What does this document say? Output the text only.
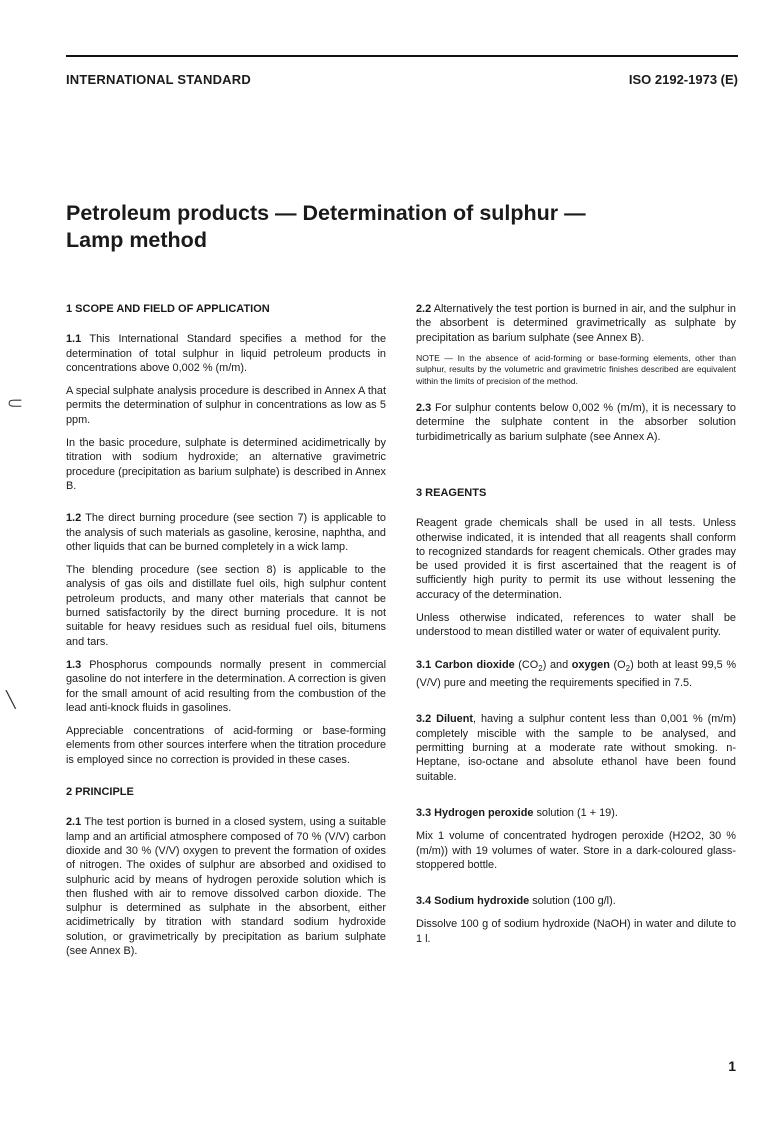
INTERNATIONAL STANDARD	ISO 2192-1973 (E)
Petroleum products — Determination of sulphur —
Lamp method
⸦
╲
1 SCOPE AND FIELD OF APPLICATION

1.1 This International Standard specifies a method for the determination of total sulphur in liquid petroleum products in concentrations above 0,002 % (m/m).

A special sulphate analysis procedure is described in Annex A that permits the determination of sulphur in concentrations as low as 5 ppm.

In the basic procedure, sulphate is determined acidimetrically by titration with sodium hydroxide; an alternative gravimetric procedure (precipitation as barium sulphate) is described in Annex B.

1.2 The direct burning procedure (see section 7) is applicable to the analysis of such materials as gasoline, kerosine, naphtha, and other liquids that can be burned completely in a wick lamp.

The blending procedure (see section 8) is applicable to the analysis of gas oils and distillate fuel oils, high sulphur content petroleum products, and many other materials that cannot be burned satisfactorily by the direct burning procedure. It is not suitable for heavy residues such as residual fuel oils, bitumens and tars.

1.3 Phosphorus compounds normally present in commercial gasoline do not interfere in the determination. A correction is given for the small amount of acid resulting from the combustion of the lead anti-knock fluids in gasolines.

Appreciable concentrations of acid-forming or base-forming elements from other sources interfere when the titration procedure is employed since no correction is provided in these cases.

2 PRINCIPLE

2.1 The test portion is burned in a closed system, using a suitable lamp and an artificial atmosphere composed of 70 % (V/V) carbon dioxide and 30 % (V/V) oxygen to prevent the formation of oxides of nitrogen. The oxides of sulphur are absorbed and oxidised to sulphuric acid by means of hydrogen peroxide solution which is then flushed with air to remove dissolved carbon dioxide. The sulphur is determined as sulphate in the absorbent, either acidimetrically by titration with standard sodium hydroxide solution, or gravimetrically by precipitation as barium sulphate (see Annex B).

2.2 Alternatively the test portion is burned in air, and the sulphur in the absorbent is determined gravimetrically as sulphate by precipitation as barium sulphate (see Annex B).

NOTE — In the absence of acid-forming or base-forming elements, other than sulphur, results by the volumetric and gravimetric finishes described are equivalent within the limits of precision of the method.

2.3 For sulphur contents below 0,002 % (m/m), it is necessary to determine the sulphate content in the absorber solution turbidimetrically as barium sulphate (see Annex A).

3 REAGENTS

Reagent grade chemicals shall be used in all tests. Unless otherwise indicated, it is intended that all reagents shall conform to recognized standards for reagent chemicals. Other grades may be used provided it is first ascertained that the reagent is of sufficiently high purity to permit its use without lessening the accuracy of the determination.

Unless otherwise indicated, references to water shall be understood to mean distilled water or water of equivalent purity.

3.1 Carbon dioxide $(CO_2)$ and oxygen $(O_2)$ both at least 99,5 % (V/V) pure and meeting the requirements specified in 7.5.

3.2 Diluent, having a sulphur content less than 0,001 % (m/m) completely miscible with the sample to be analysed, and permitting burning at a moderate rate without smoking. n-Heptane, iso-octane and absolute ethanol have been found suitable.

3.3 Hydrogen peroxide solution (1 + 19).

Mix 1 volume of concentrated hydrogen peroxide (H2O2, 30 % (m/m)) with 19 volumes of water. Store in a dark-coloured glass-stoppered bottle.

3.4 Sodium hydroxide solution (100 g/l).

Dissolve 100 g of sodium hydroxide (NaOH) in water and dilute to 1 l.

1
